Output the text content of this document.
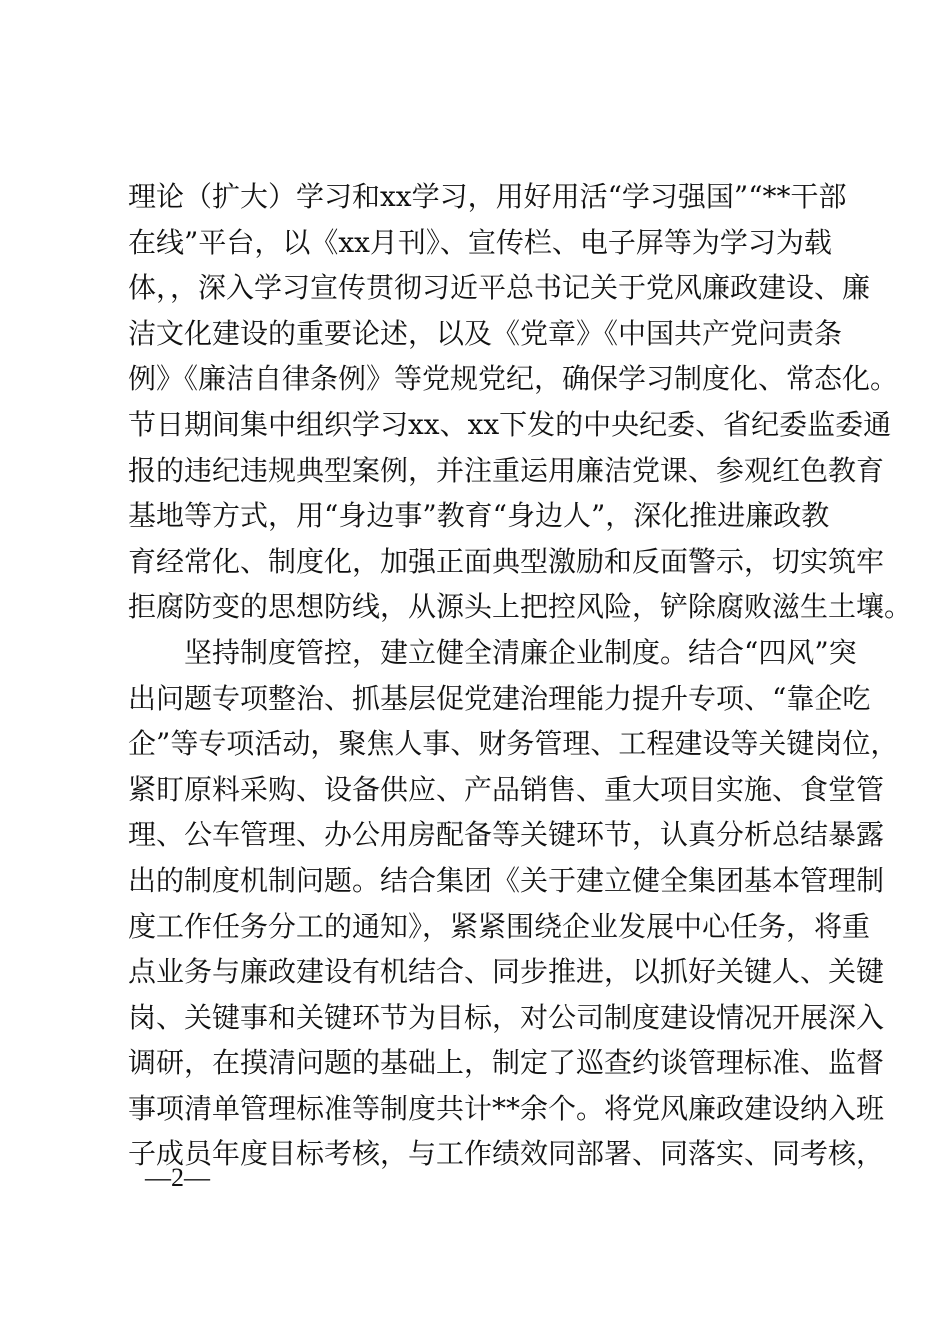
理论（扩大）学习和xx学习，用好用活“学习强国”“**干部
在线”平台，以《xx月刊》、宣传栏、电子屏等为学习为载
体，，深入学习宣传贯彻习近平总书记关于党风廉政建设、廉
洁文化建设的重要论述，以及《党章》《中国共产党问责条
例》《廉洁自律条例》等党规党纪，确保学习制度化、常态化。
节日期间集中组织学习xx、xx下发的中央纪委、省纪委监委通
报的违纪违规典型案例，并注重运用廉洁党课、参观红色教育
基地等方式，用“身边事”教育“身边人”，深化推进廉政教
育经常化、制度化，加强正面典型激励和反面警示，切实筑牢
拒腐防变的思想防线，从源头上把控风险，铲除腐败滋生土壤。
　　坚持制度管控，建立健全清廉企业制度。结合“四风”突
出问题专项整治、抓基层促党建治理能力提升专项、“靠企吃
企”等专项活动，聚焦人事、财务管理、工程建设等关键岗位，
紧盯原料采购、设备供应、产品销售、重大项目实施、食堂管
理、公车管理、办公用房配备等关键环节，认真分析总结暴露
出的制度机制问题。结合集团《关于建立健全集团基本管理制
度工作任务分工的通知》，紧紧围绕企业发展中心任务，将重
点业务与廉政建设有机结合、同步推进，以抓好关键人、关键
岗、关键事和关键环节为目标，对公司制度建设情况开展深入
调研，在摸清问题的基础上，制定了巡查约谈管理标准、监督
事项清单管理标准等制度共计**余个。将党风廉政建设纳入班
子成员年度目标考核，与工作绩效同部署、同落实、同考核，
—2—
